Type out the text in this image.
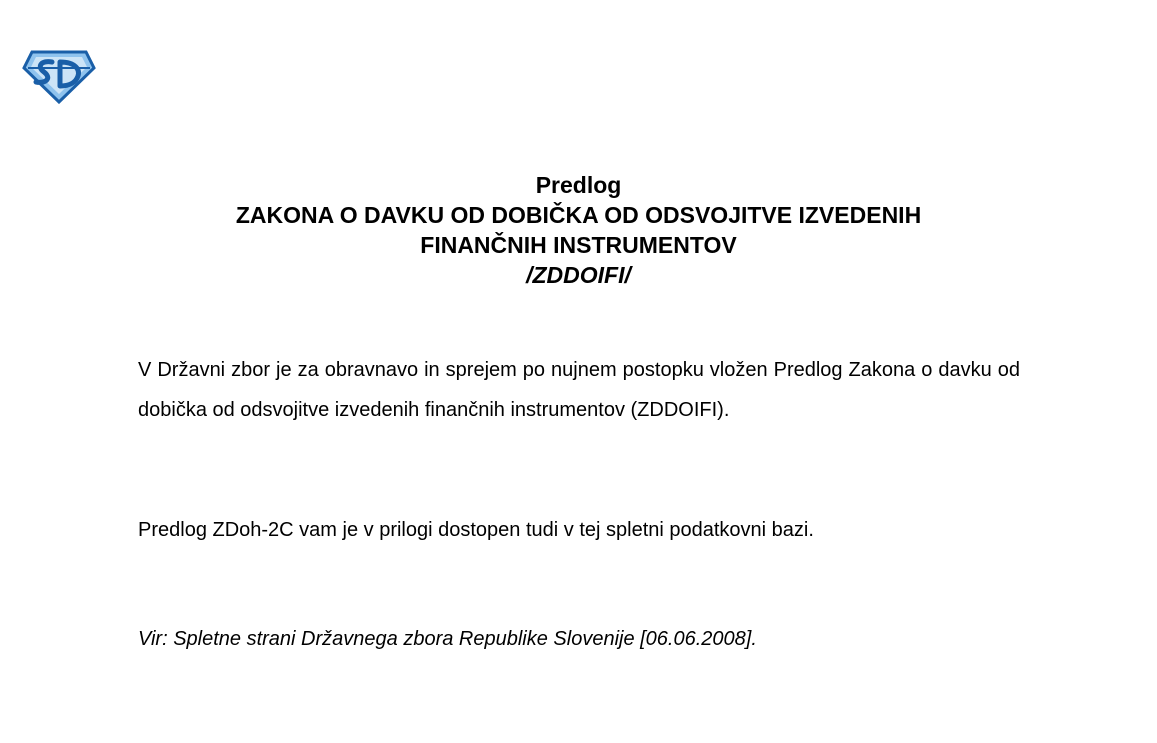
Predlog
ZAKONA O DAVKU OD DOBIČKA OD ODSVOJITVE IZVEDENIH
FINANČNIH INSTRUMENTOV
/ZDDOIFI/

V Državni zbor je za obravnavo in sprejem po nujnem postopku vložen Predlog Zakona o davku od dobička od odsvojitve izvedenih finančnih instrumentov (ZDDOIFI).

Predlog ZDoh-2C vam je v prilogi dostopen tudi v tej spletni podatkovni bazi.

Vir: Spletne strani Državnega zbora Republike Slovenije [06.06.2008].
